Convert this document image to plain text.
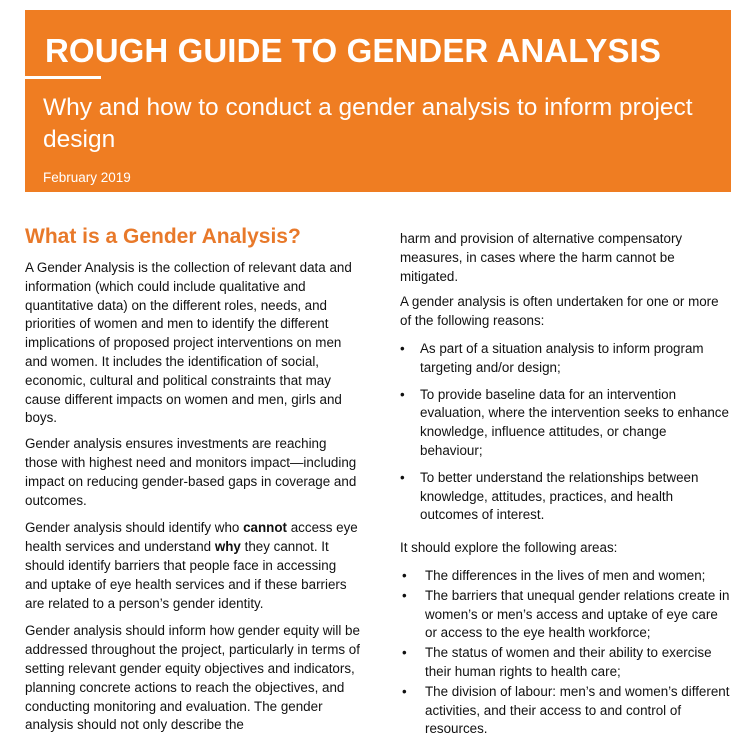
ROUGH GUIDE TO GENDER ANALYSIS
Why and how to conduct a gender analysis to inform project design
February 2019
What is a Gender Analysis?

A Gender Analysis is the collection of relevant data and information (which could include qualitative and quantitative data) on the different roles, needs, and priorities of women and men to identify the different implications of proposed project interventions on men and women. It includes the identification of social, economic, cultural and political constraints that may cause different impacts on women and men, girls and boys.

Gender analysis ensures investments are reaching those with highest need and monitors impact—including impact on reducing gender-based gaps in coverage and outcomes.

Gender analysis should identify who cannot access eye health services and understand why they cannot. It should identify barriers that people face in accessing and uptake of eye health services and if these barriers are related to a person’s gender identity.

Gender analysis should inform how gender equity will be addressed throughout the project, particularly in terms of setting relevant gender equity objectives and indicators, planning concrete actions to reach the objectives, and conducting monitoring and evaluation. The gender analysis should not only describe the

harm and provision of alternative compensatory measures, in cases where the harm cannot be mitigated.

A gender analysis is often undertaken for one or more of the following reasons:

• As part of a situation analysis to inform program targeting and/or design;
• To provide baseline data for an intervention evaluation, where the intervention seeks to enhance knowledge, influence attitudes, or change behaviour;
• To better understand the relationships between knowledge, attitudes, practices, and health outcomes of interest.

It should explore the following areas:

• The differences in the lives of men and women;
• The barriers that unequal gender relations create in women’s or men’s access and uptake of eye care or access to the eye health workforce;
• The status of women and their ability to exercise their human rights to health care;
• The division of labour: men’s and women’s different activities, and their access to and control of resources.
